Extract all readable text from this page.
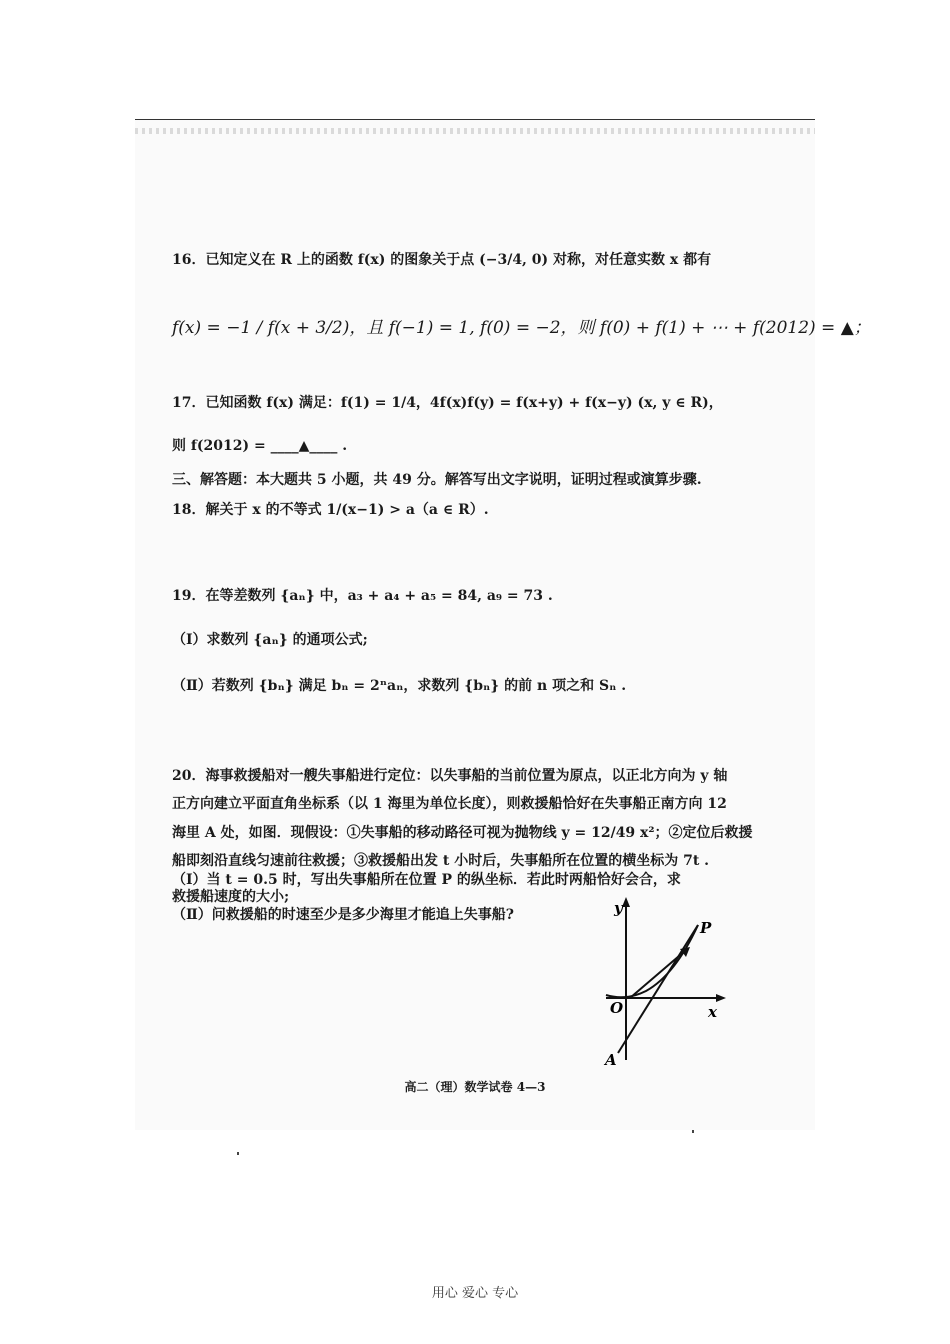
16．已知定义在 R 上的函数 f(x) 的图象关于点 (−3/4, 0) 对称，对任意实数 x 都有
f(x) = −1 / f(x + 3/2)，且 f(−1) = 1, f(0) = −2，则 f(0) + f(1) + ⋯ + f(2012) = ▲；
17．已知函数 f(x) 满足：f(1) = 1/4，4f(x)f(y) = f(x+y) + f(x−y) (x, y ∈ R)，
则 f(2012) = ____▲____ .
三、解答题：本大题共 5 小题，共 49 分。解答写出文字说明，证明过程或演算步骤.
18．解关于 x 的不等式 1/(x−1) > a（a ∈ R）.
19．在等差数列 {aₙ} 中，a₃ + a₄ + a₅ = 84, a₉ = 73 .
（Ⅰ）求数列 {aₙ} 的通项公式;
（Ⅱ）若数列 {bₙ} 满足 bₙ = 2ⁿaₙ，求数列 {bₙ} 的前 n 项之和 Sₙ .
20．海事救援船对一艘失事船进行定位：以失事船的当前位置为原点，以正北方向为 y 轴
正方向建立平面直角坐标系（以 1 海里为单位长度），则救援船恰好在失事船正南方向 12
海里 A 处，如图．现假设：①失事船的移动路径可视为抛物线 y = 12/49 x²；②定位后救援
船即刻沿直线匀速前往救援；③救援船出发 t 小时后，失事船所在位置的横坐标为 7t .
（Ⅰ）当 t = 0.5 时，写出失事船所在位置 P 的纵坐标．若此时两船恰好会合，求
救援船速度的大小;
（Ⅱ）问救援船的时速至少是多少海里才能追上失事船?	y
x
O
P
A
高二（理）数学试卷 4—3
用心 爱心 专心
